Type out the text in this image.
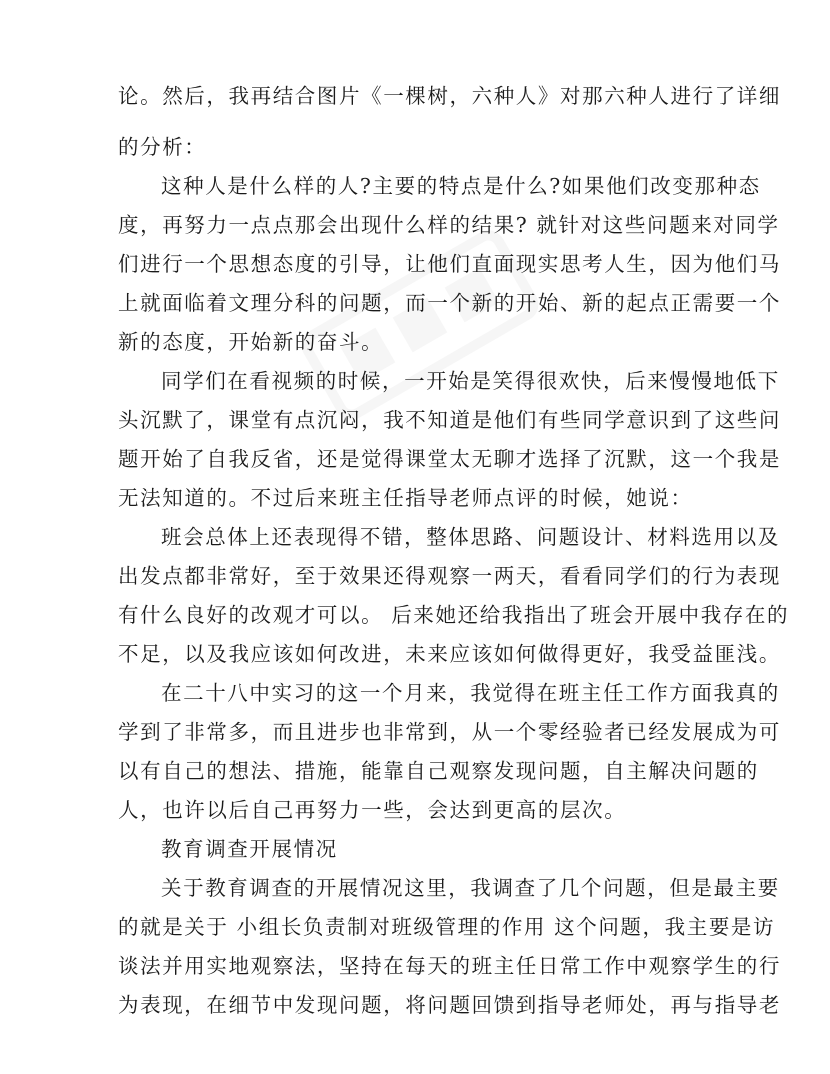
论。然后，我再结合图片《一棵树，六种人》对那六种人进行了详细
的分析：
这种人是什么样的人?主要的特点是什么?如果他们改变那种态
度，再努力一点点那会出现什么样的结果? 就针对这些问题来对同学
们进行一个思想态度的引导，让他们直面现实思考人生，因为他们马
上就面临着文理分科的问题，而一个新的开始、新的起点正需要一个
新的态度，开始新的奋斗。
同学们在看视频的时候，一开始是笑得很欢快，后来慢慢地低下
头沉默了，课堂有点沉闷，我不知道是他们有些同学意识到了这些问
题开始了自我反省，还是觉得课堂太无聊才选择了沉默，这一个我是
无法知道的。不过后来班主任指导老师点评的时候，她说：
班会总体上还表现得不错，整体思路、问题设计、材料选用以及
出发点都非常好，至于效果还得观察一两天，看看同学们的行为表现
有什么良好的改观才可以。 后来她还给我指出了班会开展中我存在的
不足，以及我应该如何改进，未来应该如何做得更好，我受益匪浅。
在二十八中实习的这一个月来，我觉得在班主任工作方面我真的
学到了非常多，而且进步也非常到，从一个零经验者已经发展成为可
以有自己的想法、措施，能靠自己观察发现问题，自主解决问题的
人，也许以后自己再努力一些，会达到更高的层次。
教育调查开展情况
关于教育调查的开展情况这里，我调查了几个问题，但是最主要
的就是关于 小组长负责制对班级管理的作用 这个问题，我主要是访
谈法并用实地观察法，坚持在每天的班主任日常工作中观察学生的行
为表现，在细节中发现问题，将问题回馈到指导老师处，再与指导老
